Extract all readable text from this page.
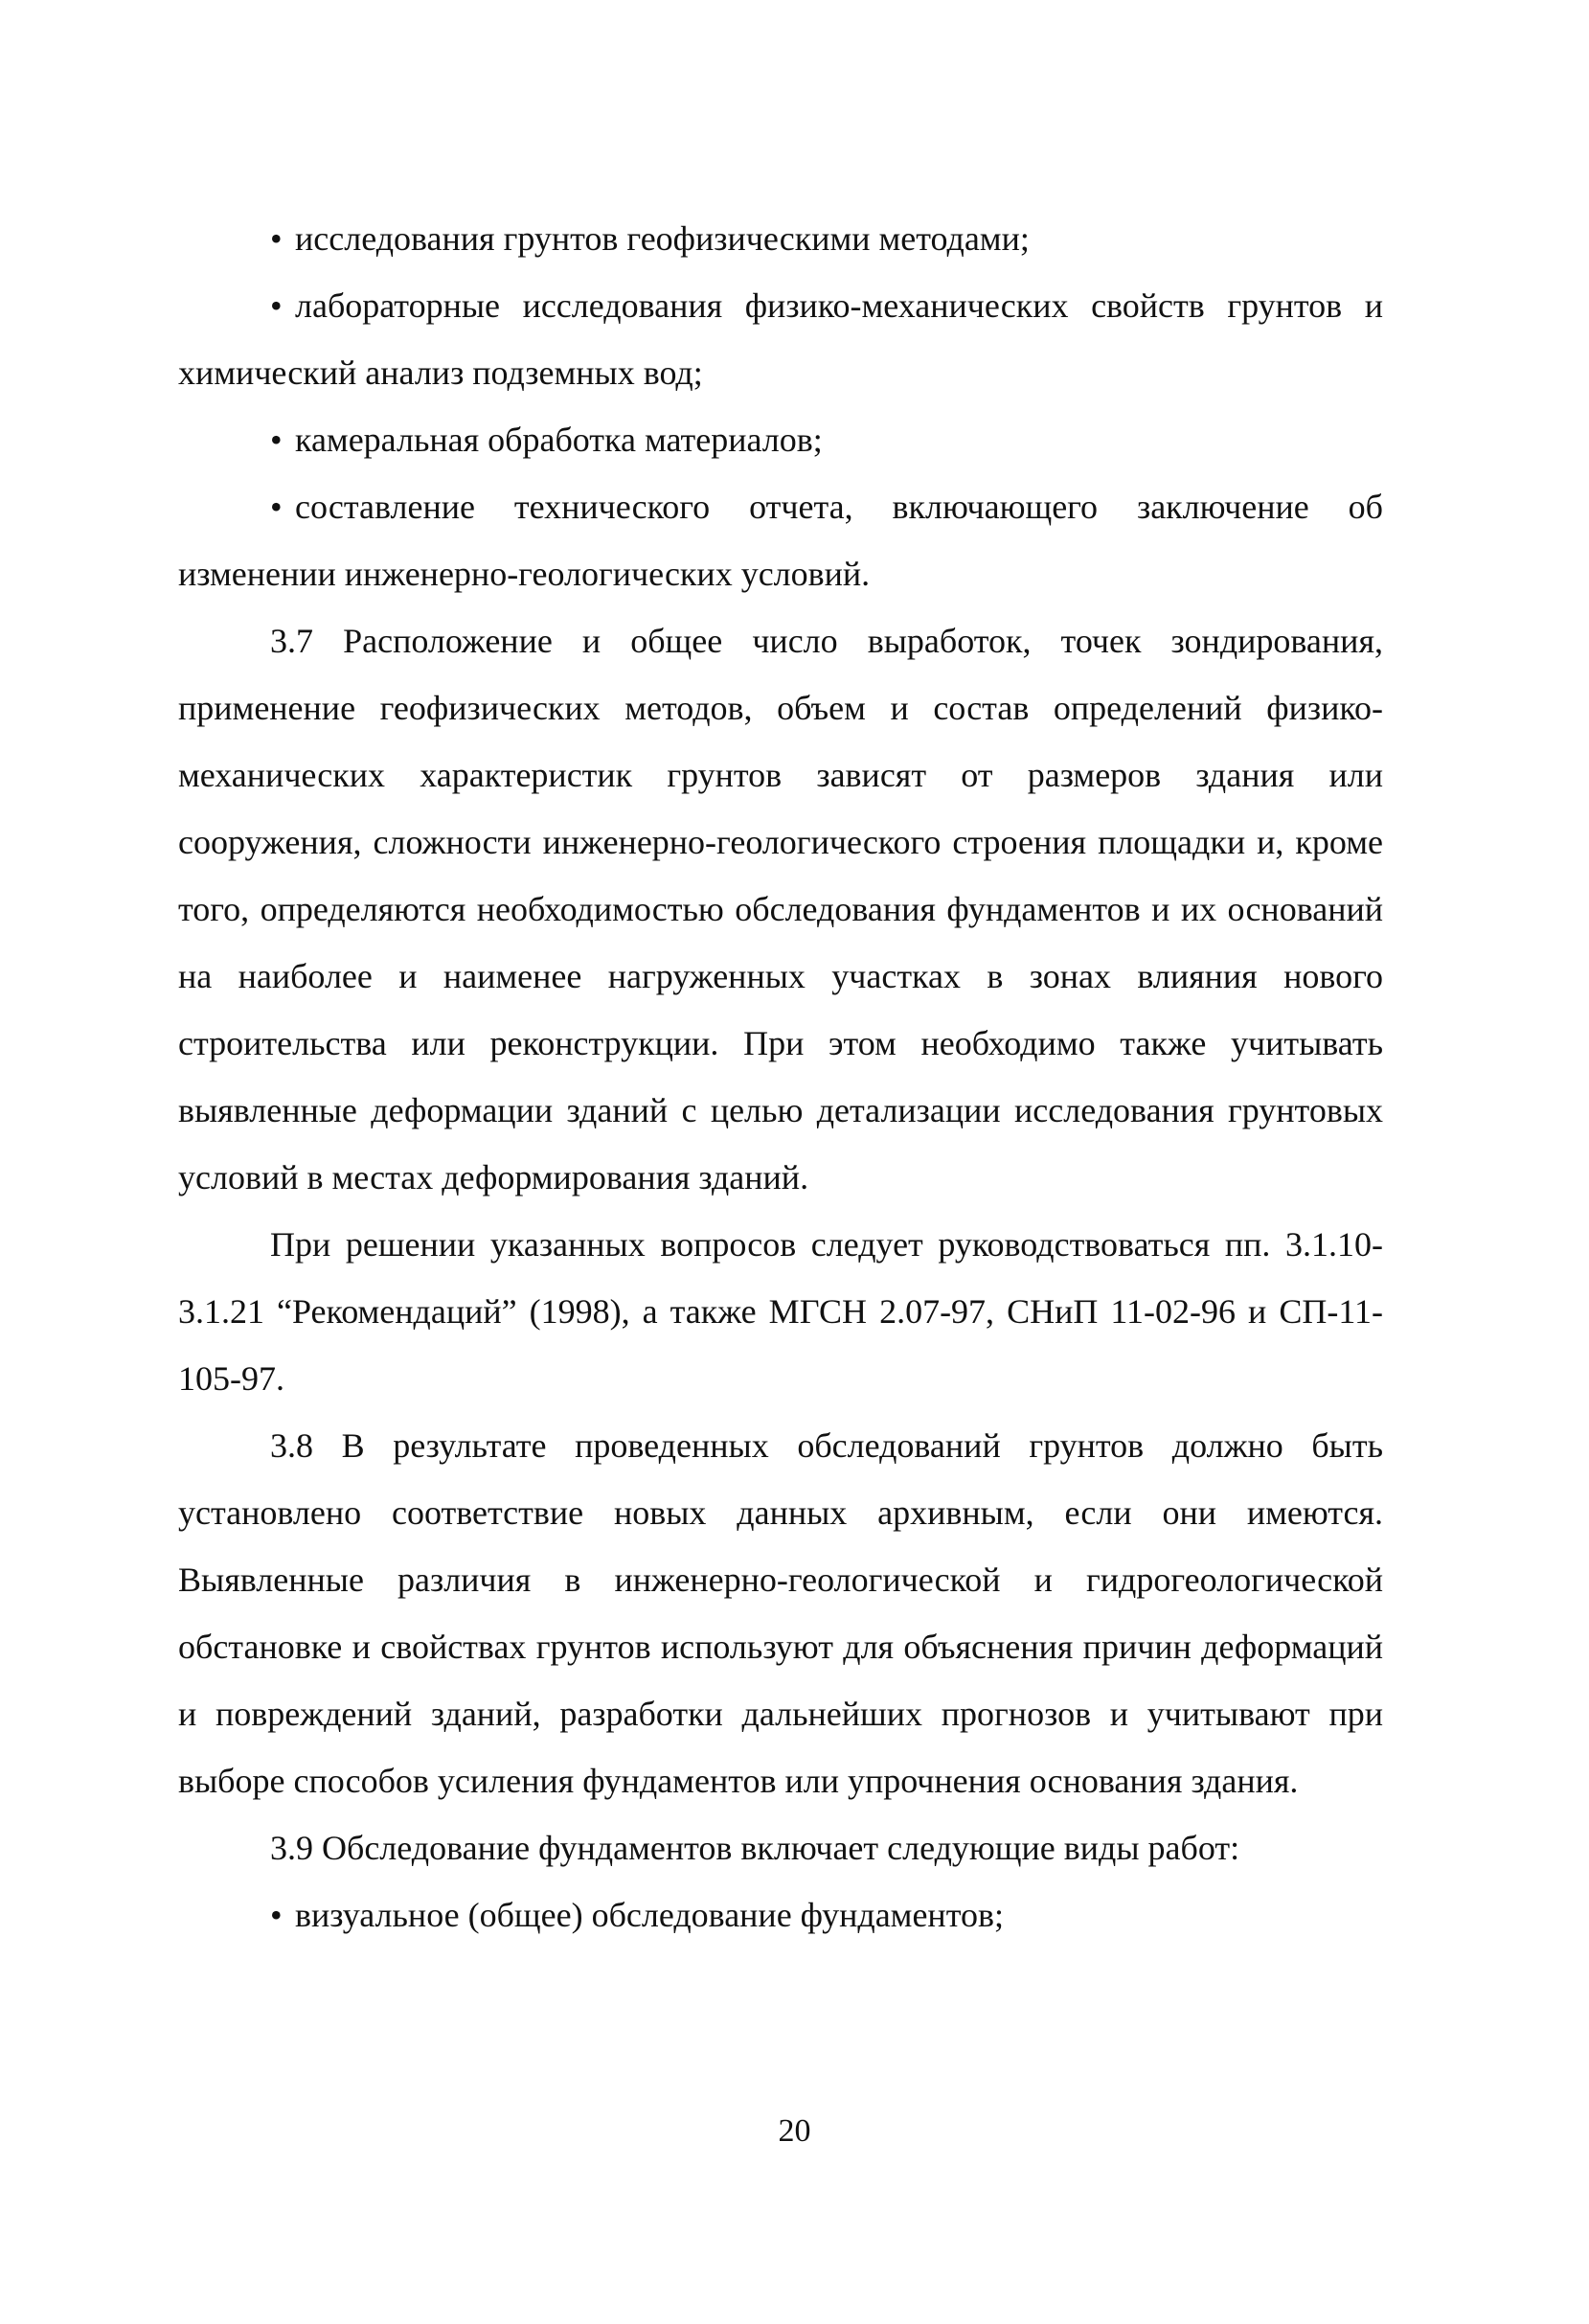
• исследования грунтов геофизическими методами;

• лабораторные исследования физико-механических свойств грунтов и химический анализ подземных вод;

• камеральная обработка материалов;

• составление технического отчета, включающего заключение об изменении инженерно-геологических условий.

3.7 Расположение и общее число выработок, точек зондирования, применение геофизических методов, объем и состав определений физико-механических характеристик грунтов зависят от размеров здания или сооружения, сложности инженерно-геологического строения площадки и, кроме того, определяются необходимостью обследования фундаментов и их оснований на наиболее и наименее нагруженных участках в зонах влияния нового строительства или реконструкции. При этом необходимо также учитывать выявленные деформации зданий с целью детализации исследования грунтовых условий в местах деформирования зданий.

При решении указанных вопросов следует руководствоваться пп. 3.1.10-3.1.21 “Рекомендаций” (1998), а также МГСН 2.07-97, СНиП 11-02-96 и СП-11-105-97.

3.8 В результате проведенных обследований грунтов должно быть установлено соответствие новых данных архивным, если они имеются. Выявленные различия в инженерно-геологической и гидрогеологической обстановке и свойствах грунтов используют для объяснения причин деформаций и повреждений зданий, разработки дальнейших прогнозов и учитывают при выборе способов усиления фундаментов или упрочнения основания здания.

3.9 Обследование фундаментов включает следующие виды работ:

• визуальное (общее) обследование фундаментов;

20
